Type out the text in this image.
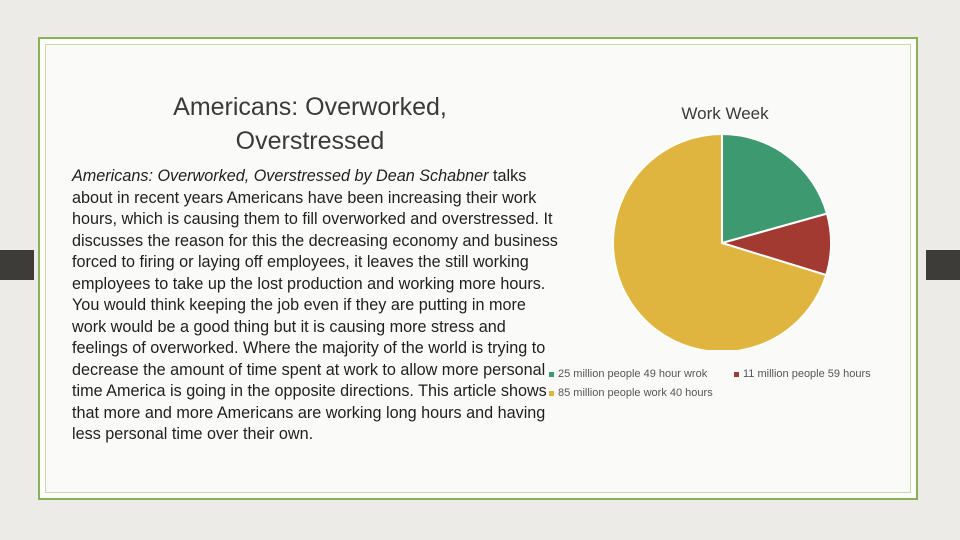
Americans: Overworked, Overstressed
Americans: Overworked, Overstressed by Dean Schabner talks about in recent years Americans have been increasing their work hours, which is causing them to fill overworked and overstressed. It discusses the reason for this the decreasing economy and business forced to firing or laying off employees, it leaves the still working employees to take up the lost production and working more hours. You would think keeping the job even if they are putting in more work would be a good thing but it is causing more stress and feelings of overworked. Where the majority of the world is trying to decrease the amount of time spent at work to allow more personal time America is going in the opposite directions. This article shows that more and more Americans are working long hours and having less personal time over their own.
Work Week
25 million people 49 hour wrok	11 million people 59 hours
85 million people work 40 hours
